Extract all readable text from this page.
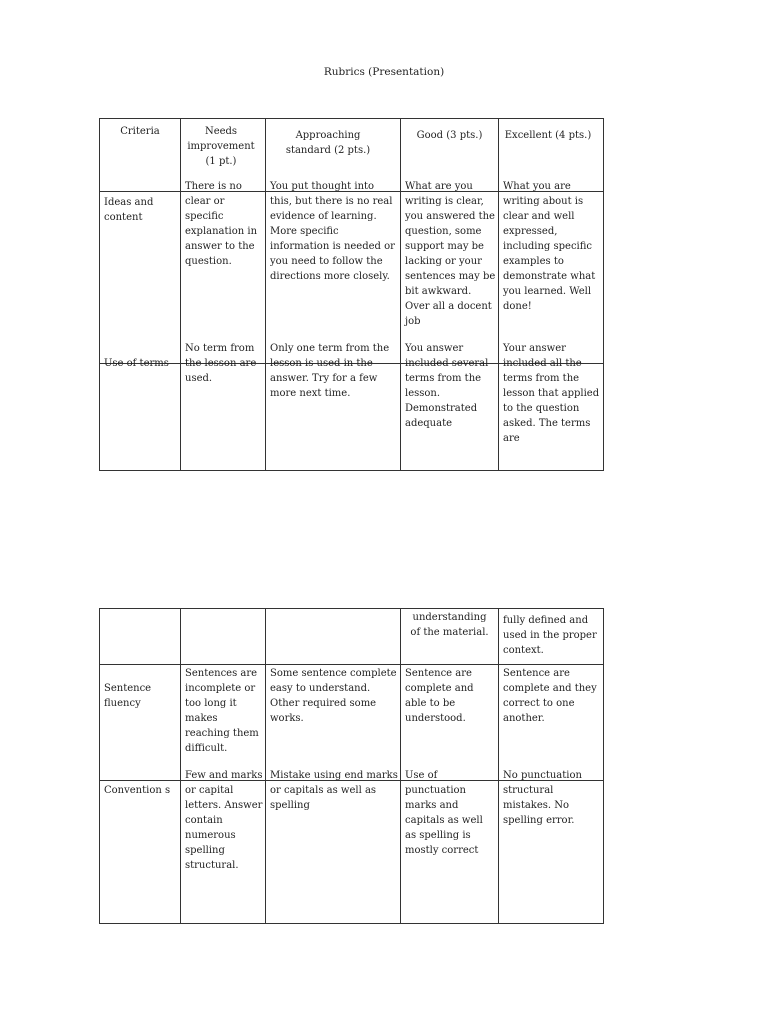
Rubrics (Presentation)
Criteria	Needs improvement (1 pt.)	Approaching standard (2 pts.)	Good (3 pts.)	Excellent (4 pts.)

Ideas and content	There is no clear or specific explanation in answer to the question.	You put thought into this, but there is no real evidence of learning. More specific information is needed or you need to follow the directions more closely.	What are you writing is clear, you answered the question, some support may be lacking or your sentences may be bit awkward. Over all a docent job	What you are writing about is clear and well expressed, including specific examples to demonstrate what you learned. Well done!

Use of terms	No term from the lesson are used.	Only one term from the lesson is used in the answer. Try for a few more next time.	You answer included several terms from the lesson. Demonstrated adequate	Your answer included all the terms from the lesson that applied to the question asked. The terms are

			understanding of the material.	fully defined and used in the proper context.

Sentence fluency	Sentences are incomplete or too long it makes reaching them difficult.	Some sentence complete easy to understand. Other required some works.	Sentence are complete and able to be understood.	Sentence are complete and they correct to one another.

Convention s	Few and marks or capital letters. Answer contain numerous spelling structural.	Mistake using end marks or capitals as well as spelling	Use of punctuation marks and capitals as well as spelling is mostly correct	No punctuation structural mistakes. No spelling error.
